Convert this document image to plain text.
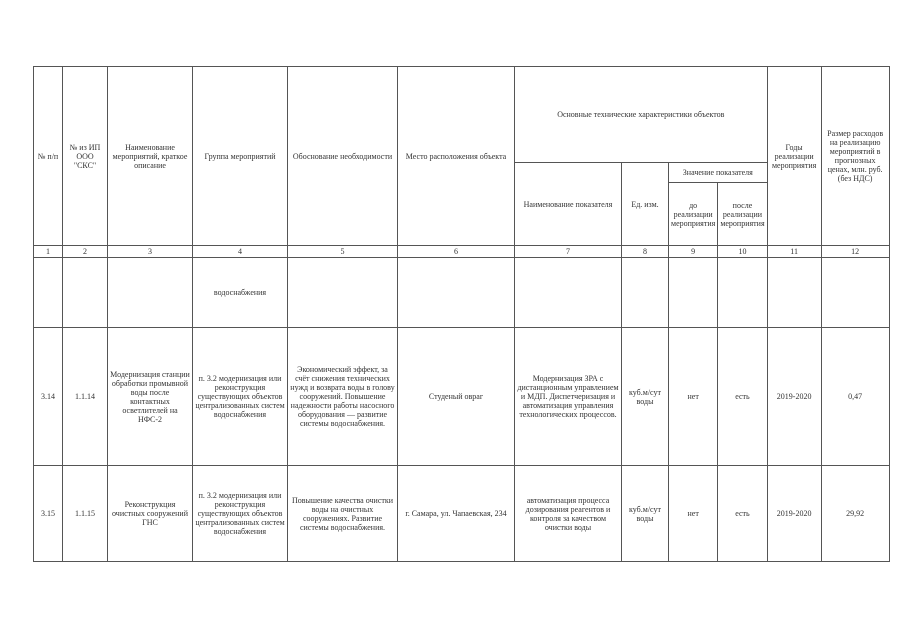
№ п/п	№ из ИП ООО "СКС"	Наименование мероприятий, краткое описание	Группа мероприятий	Обоснование необходимости	Место расположения объекта	Основные технические характеристики объектов				Годы реализации мероприятия	Размер расходов на реализацию мероприятий в прогнозных ценах, млн. руб. (без НДС)
						Наименование показателя	Ед. изм.	Значение показателя			
								до реализации мероприятия	после реализации мероприятия		
1	2	3	4	5	6	7	8	9	10	11	12
			водоснабжения								
3.14	1.1.14	Модернизация станции обработки промывной воды после контактных осветлителей на НФС-2	п. 3.2 модернизация или реконструкция существующих объектов централизованных систем водоснабжения	Экономический эффект, за счёт снижения технических нужд и возврата воды в голову сооружений. Повышение надежности работы насосного оборудования — развитие системы водоснабжения.	Студеный овраг	Модернизация ЗРА с дистанционным управлением и МДП. Диспетчеризация и автоматизация управления технологических процессов.	куб.м/сут воды	нет	есть	2019-2020	0,47
3.15	1.1.15	Реконструкция очистных сооружений ГНС	п. 3.2 модернизация или реконструкция существующих объектов централизованных систем водоснабжения	Повышение качества очистки воды на очистных сооружениях. Развитие системы водоснабжения.	г. Самара, ул. Чапаевская, 234	автоматизация процесса дозирования реагентов и контроля за качеством очистки воды	куб.м/сут воды	нет	есть	2019-2020	29,92
